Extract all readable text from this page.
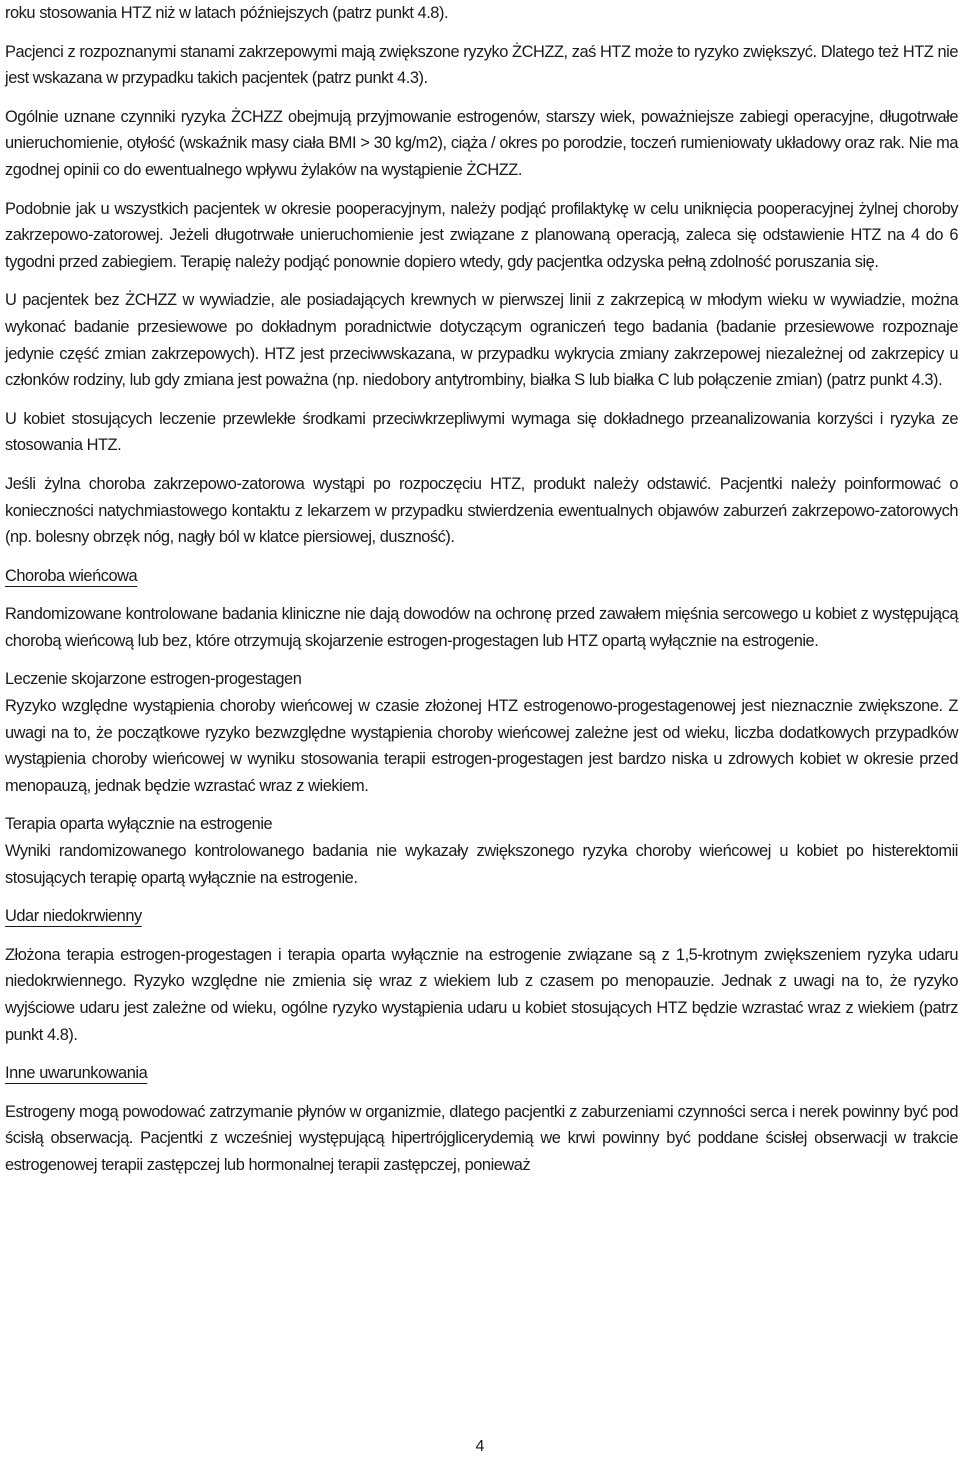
roku stosowania HTZ niż w latach późniejszych (patrz punkt 4.8).

Pacjenci z rozpoznanymi stanami zakrzepowymi mają zwiększone ryzyko ŻCHZZ, zaś HTZ może to ryzyko zwiększyć. Dlatego też HTZ nie jest wskazana w przypadku takich pacjentek (patrz punkt 4.3).

Ogólnie uznane czynniki ryzyka ŻCHZZ obejmują przyjmowanie estrogenów, starszy wiek, poważniejsze zabiegi operacyjne, długotrwałe unieruchomienie, otyłość (wskaźnik masy ciała BMI > 30 kg/m2), ciąża / okres po porodzie, toczeń rumieniowaty układowy oraz rak. Nie ma zgodnej opinii co do ewentualnego wpływu żylaków na wystąpienie ŻCHZZ.

Podobnie jak u wszystkich pacjentek w okresie pooperacyjnym, należy podjąć profilaktykę w celu uniknięcia pooperacyjnej żylnej choroby zakrzepowo-zatorowej. Jeżeli długotrwałe unieruchomienie jest związane z planowaną operacją, zaleca się odstawienie HTZ na 4 do 6 tygodni przed zabiegiem. Terapię należy podjąć ponownie dopiero wtedy, gdy pacjentka odzyska pełną zdolność poruszania się.

U pacjentek bez ŻCHZZ w wywiadzie, ale posiadających krewnych w pierwszej linii z zakrzepicą w młodym wieku w wywiadzie, można wykonać badanie przesiewowe po dokładnym poradnictwie dotyczącym ograniczeń tego badania (badanie przesiewowe rozpoznaje jedynie część zmian zakrzepowych). HTZ jest przeciwwskazana, w przypadku wykrycia zmiany zakrzepowej niezależnej od zakrzepicy u członków rodziny, lub gdy zmiana jest poważna (np. niedobory antytrombiny, białka S lub białka C lub połączenie zmian) (patrz punkt 4.3).

U kobiet stosujących leczenie przewlekłe środkami przeciwkrzepliwymi wymaga się dokładnego przeanalizowania korzyści i ryzyka ze stosowania HTZ.

Jeśli żylna choroba zakrzepowo-zatorowa wystąpi po rozpoczęciu HTZ, produkt należy odstawić. Pacjentki należy poinformować o konieczności natychmiastowego kontaktu z lekarzem w przypadku stwierdzenia ewentualnych objawów zaburzeń zakrzepowo-zatorowych (np. bolesny obrzęk nóg, nagły ból w klatce piersiowej, duszność).

Choroba wieńcowa

Randomizowane kontrolowane badania kliniczne nie dają dowodów na ochronę przed zawałem mięśnia sercowego u kobiet z występującą chorobą wieńcową lub bez, które otrzymują skojarzenie estrogen-progestagen lub HTZ opartą wyłącznie na estrogenie.

Leczenie skojarzone estrogen-progestagen

Ryzyko względne wystąpienia choroby wieńcowej w czasie złożonej HTZ estrogenowo-progestagenowej jest nieznacznie zwiększone. Z uwagi na to, że początkowe ryzyko bezwzględne wystąpienia choroby wieńcowej zależne jest od wieku, liczba dodatkowych przypadków wystąpienia choroby wieńcowej w wyniku stosowania terapii estrogen-progestagen jest bardzo niska u zdrowych kobiet w okresie przed menopauzą, jednak będzie wzrastać wraz z wiekiem.

Terapia oparta wyłącznie na estrogenie

Wyniki randomizowanego kontrolowanego badania nie wykazały zwiększonego ryzyka choroby wieńcowej u kobiet po histerektomii stosujących terapię opartą wyłącznie na estrogenie.

Udar niedokrwienny

Złożona terapia estrogen-progestagen i terapia oparta wyłącznie na estrogenie związane są z 1,5-krotnym zwiększeniem ryzyka udaru niedokrwiennego. Ryzyko względne nie zmienia się wraz z wiekiem lub z czasem po menopauzie. Jednak z uwagi na to, że ryzyko wyjściowe udaru jest zależne od wieku, ogólne ryzyko wystąpienia udaru u kobiet stosujących HTZ będzie wzrastać wraz z wiekiem (patrz punkt 4.8).

Inne uwarunkowania

Estrogeny mogą powodować zatrzymanie płynów w organizmie, dlatego pacjentki z zaburzeniami czynności serca i nerek powinny być pod ścisłą obserwacją. Pacjentki z wcześniej występującą hipertrójglicerydemią we krwi powinny być poddane ścisłej obserwacji w trakcie estrogenowej terapii zastępczej lub hormonalnej terapii zastępczej, ponieważ

4
